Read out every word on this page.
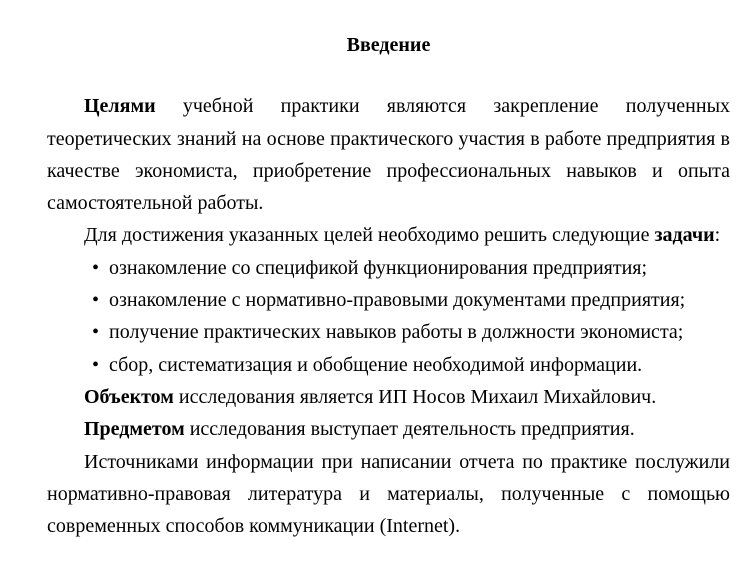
Введение

Целями учебной практики являются закрепление полученных теоретических знаний на основе практического участия в работе предприятия в качестве экономиста, приобретение профессиональных навыков и опыта самостоятельной работы.

Для достижения указанных целей необходимо решить следующие задачи:

• ознакомление со спецификой функционирования предприятия;
• ознакомление с нормативно-правовыми документами предприятия;
• получение практических навыков работы в должности экономиста;
• сбор, систематизация и обобщение необходимой информации.

Объектом исследования является ИП Носов Михаил Михайлович.

Предметом исследования выступает деятельность предприятия.

Источниками информации при написании отчета по практике послужили нормативно-правовая литература и материалы, полученные с помощью современных способов коммуникации (Internet).
